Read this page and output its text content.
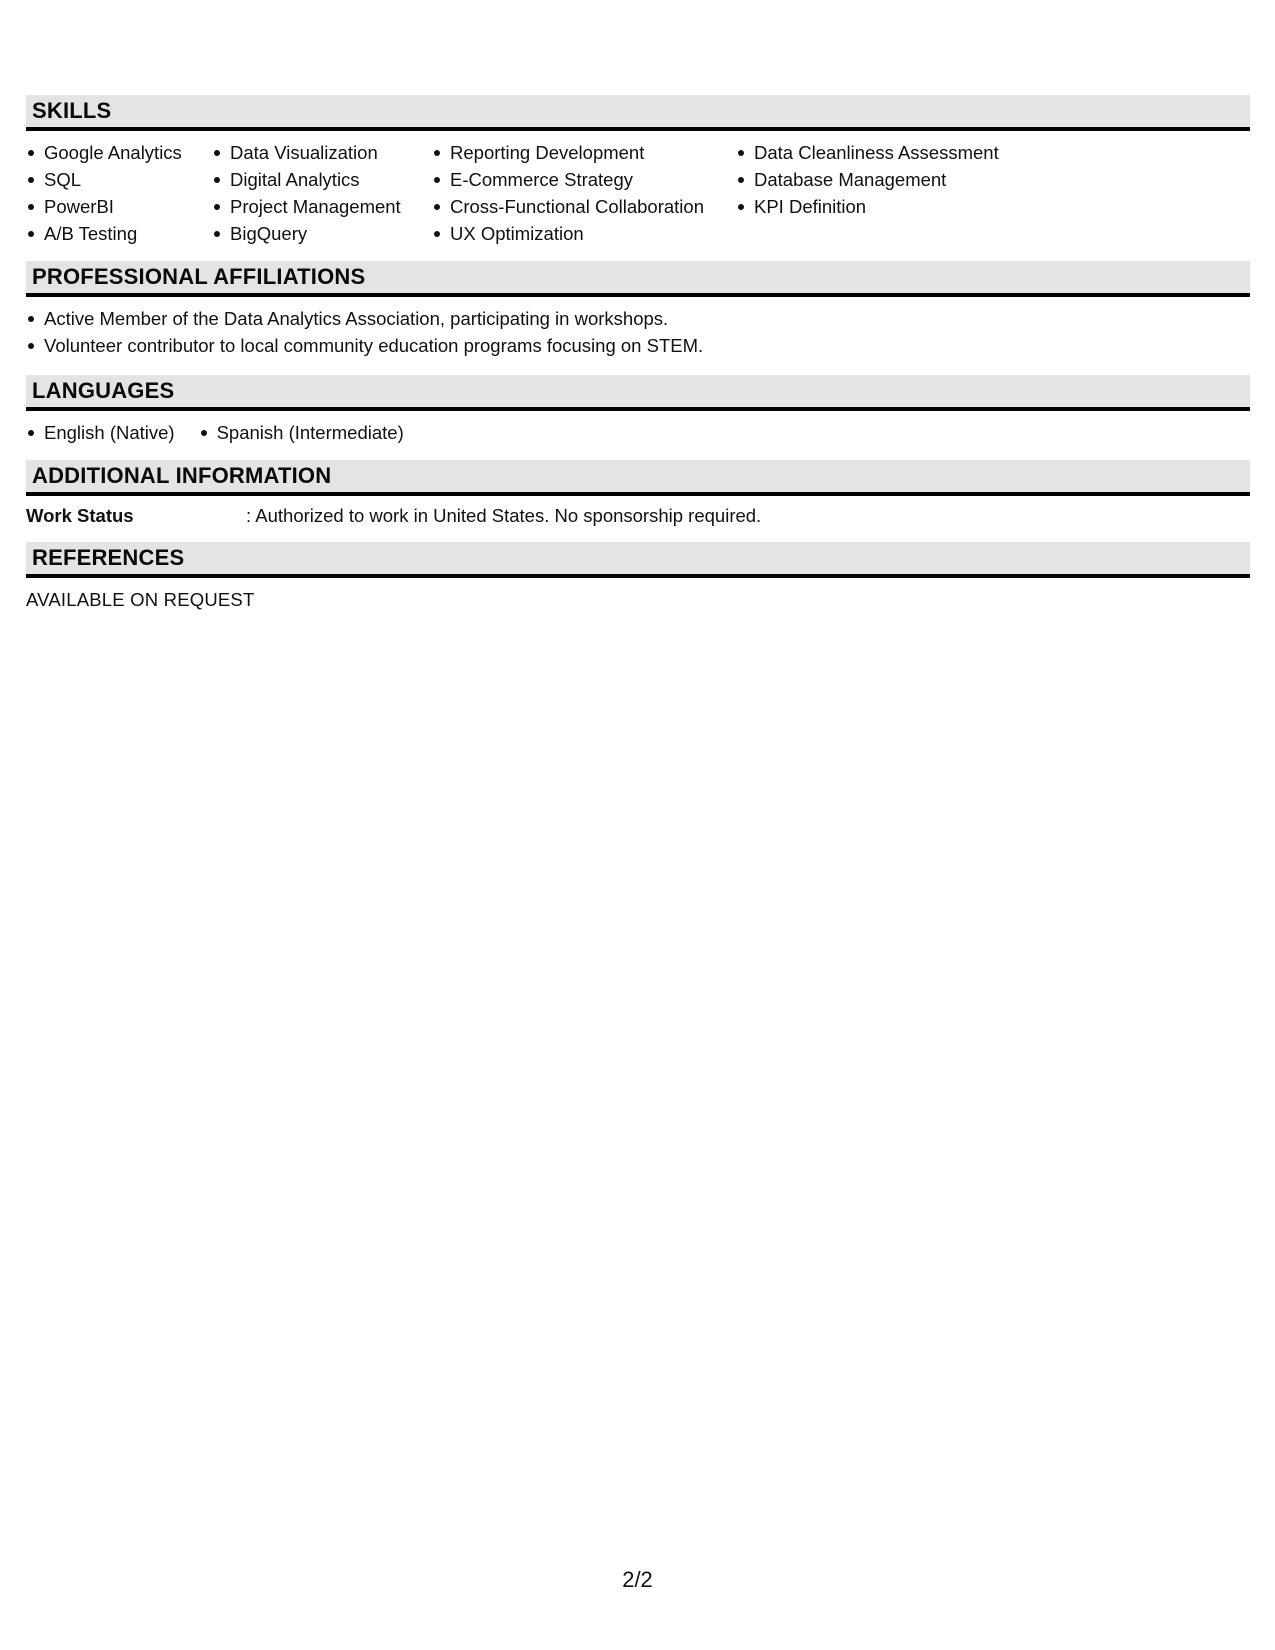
SKILLS
Google Analytics
SQL
PowerBI
A/B Testing
Data Visualization
Digital Analytics
Project Management
BigQuery
Reporting Development
E-Commerce Strategy
Cross-Functional Collaboration
UX Optimization
Data Cleanliness Assessment
Database Management
KPI Definition
PROFESSIONAL AFFILIATIONS
Active Member of the Data Analytics Association, participating in workshops.
Volunteer contributor to local community education programs focusing on STEM.
LANGUAGES
English (Native)	Spanish (Intermediate)
ADDITIONAL INFORMATION
Work Status	: Authorized to work in United States. No sponsorship required.
REFERENCES
AVAILABLE ON REQUEST
2/2
